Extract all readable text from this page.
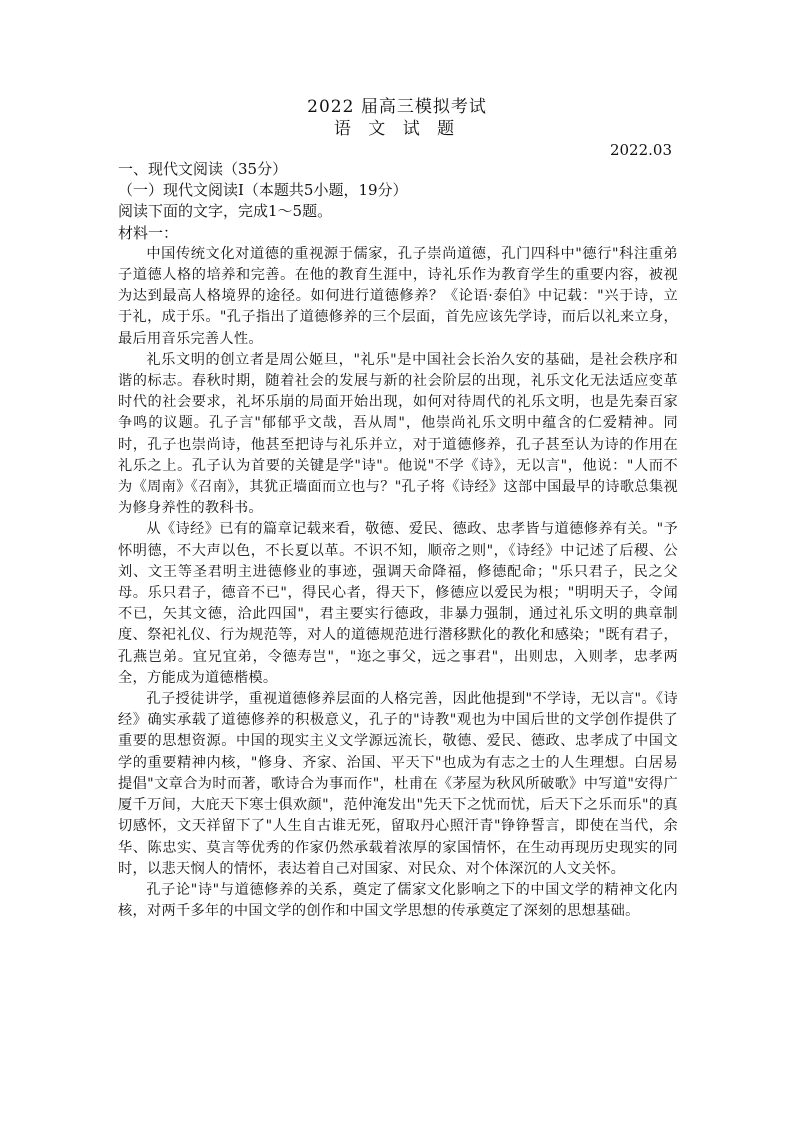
2022 届高三模拟考试
语 文 试 题
2022.03

一、现代文阅读（35分）

（一）现代文阅读Ⅰ（本题共5小题，19分）

阅读下面的文字，完成1～5题。

材料一：

中国传统文化对道德的重视源于儒家，孔子崇尚道德，孔门四科中"德行"科注重弟子道德人格的培养和完善。在他的教育生涯中，诗礼乐作为教育学生的重要内容，被视为达到最高人格境界的途径。如何进行道德修养？《论语·泰伯》中记载："兴于诗，立于礼，成于乐。"孔子指出了道德修养的三个层面，首先应该先学诗，而后以礼来立身，最后用音乐完善人性。

礼乐文明的创立者是周公姬旦，"礼乐"是中国社会长治久安的基础，是社会秩序和谐的标志。春秋时期，随着社会的发展与新的社会阶层的出现，礼乐文化无法适应变革时代的社会要求，礼坏乐崩的局面开始出现，如何对待周代的礼乐文明，也是先秦百家争鸣的议题。孔子言"郁郁乎文哉，吾从周"，他崇尚礼乐文明中蕴含的仁爱精神。同时，孔子也崇尚诗，他甚至把诗与礼乐并立，对于道德修养，孔子甚至认为诗的作用在礼乐之上。孔子认为首要的关键是学"诗"。他说"不学《诗》，无以言"，他说："人而不为《周南》《召南》，其犹正墙面而立也与？"孔子将《诗经》这部中国最早的诗歌总集视为修身养性的教科书。

从《诗经》已有的篇章记载来看，敬德、爱民、德政、忠孝皆与道德修养有关。"予怀明德，不大声以色，不长夏以革。不识不知，顺帝之则"，《诗经》中记述了后稷、公刘、文王等圣君明主进德修业的事迹，强调天命降福，修德配命；"乐只君子，民之父母。乐只君子，德音不已"，得民心者，得天下，修德应以爱民为根；"明明天子，令闻不已，矢其文德，洽此四国"，君主要实行德政，非暴力强制，通过礼乐文明的典章制度、祭祀礼仪、行为规范等，对人的道德规范进行潜移默化的教化和感染；"既有君子，孔燕岂弟。宜兄宜弟，令德寿岂"，"迩之事父，远之事君"，出则忠，入则孝，忠孝两全，方能成为道德楷模。

孔子授徒讲学，重视道德修养层面的人格完善，因此他提到"不学诗，无以言"。《诗经》确实承载了道德修养的积极意义，孔子的"诗教"观也为中国后世的文学创作提供了重要的思想资源。中国的现实主义文学源远流长，敬德、爱民、德政、忠孝成了中国文学的重要精神内核，"修身、齐家、治国、平天下"也成为有志之士的人生理想。白居易提倡"文章合为时而著，歌诗合为事而作"，杜甫在《茅屋为秋风所破歌》中写道"安得广厦千万间，大庇天下寒士俱欢颜"，范仲淹发出"先天下之忧而忧，后天下之乐而乐"的真切感怀，文天祥留下了"人生自古谁无死，留取丹心照汗青"铮铮誓言，即使在当代，余华、陈忠实、莫言等优秀的作家仍然承载着浓厚的家国情怀，在生动再现历史现实的同时，以悲天悯人的情怀，表达着自己对国家、对民众、对个体深沉的人文关怀。

孔子论"诗"与道德修养的关系，奠定了儒家文化影响之下的中国文学的精神文化内核，对两千多年的中国文学的创作和中国文学思想的传承奠定了深刻的思想基础。
